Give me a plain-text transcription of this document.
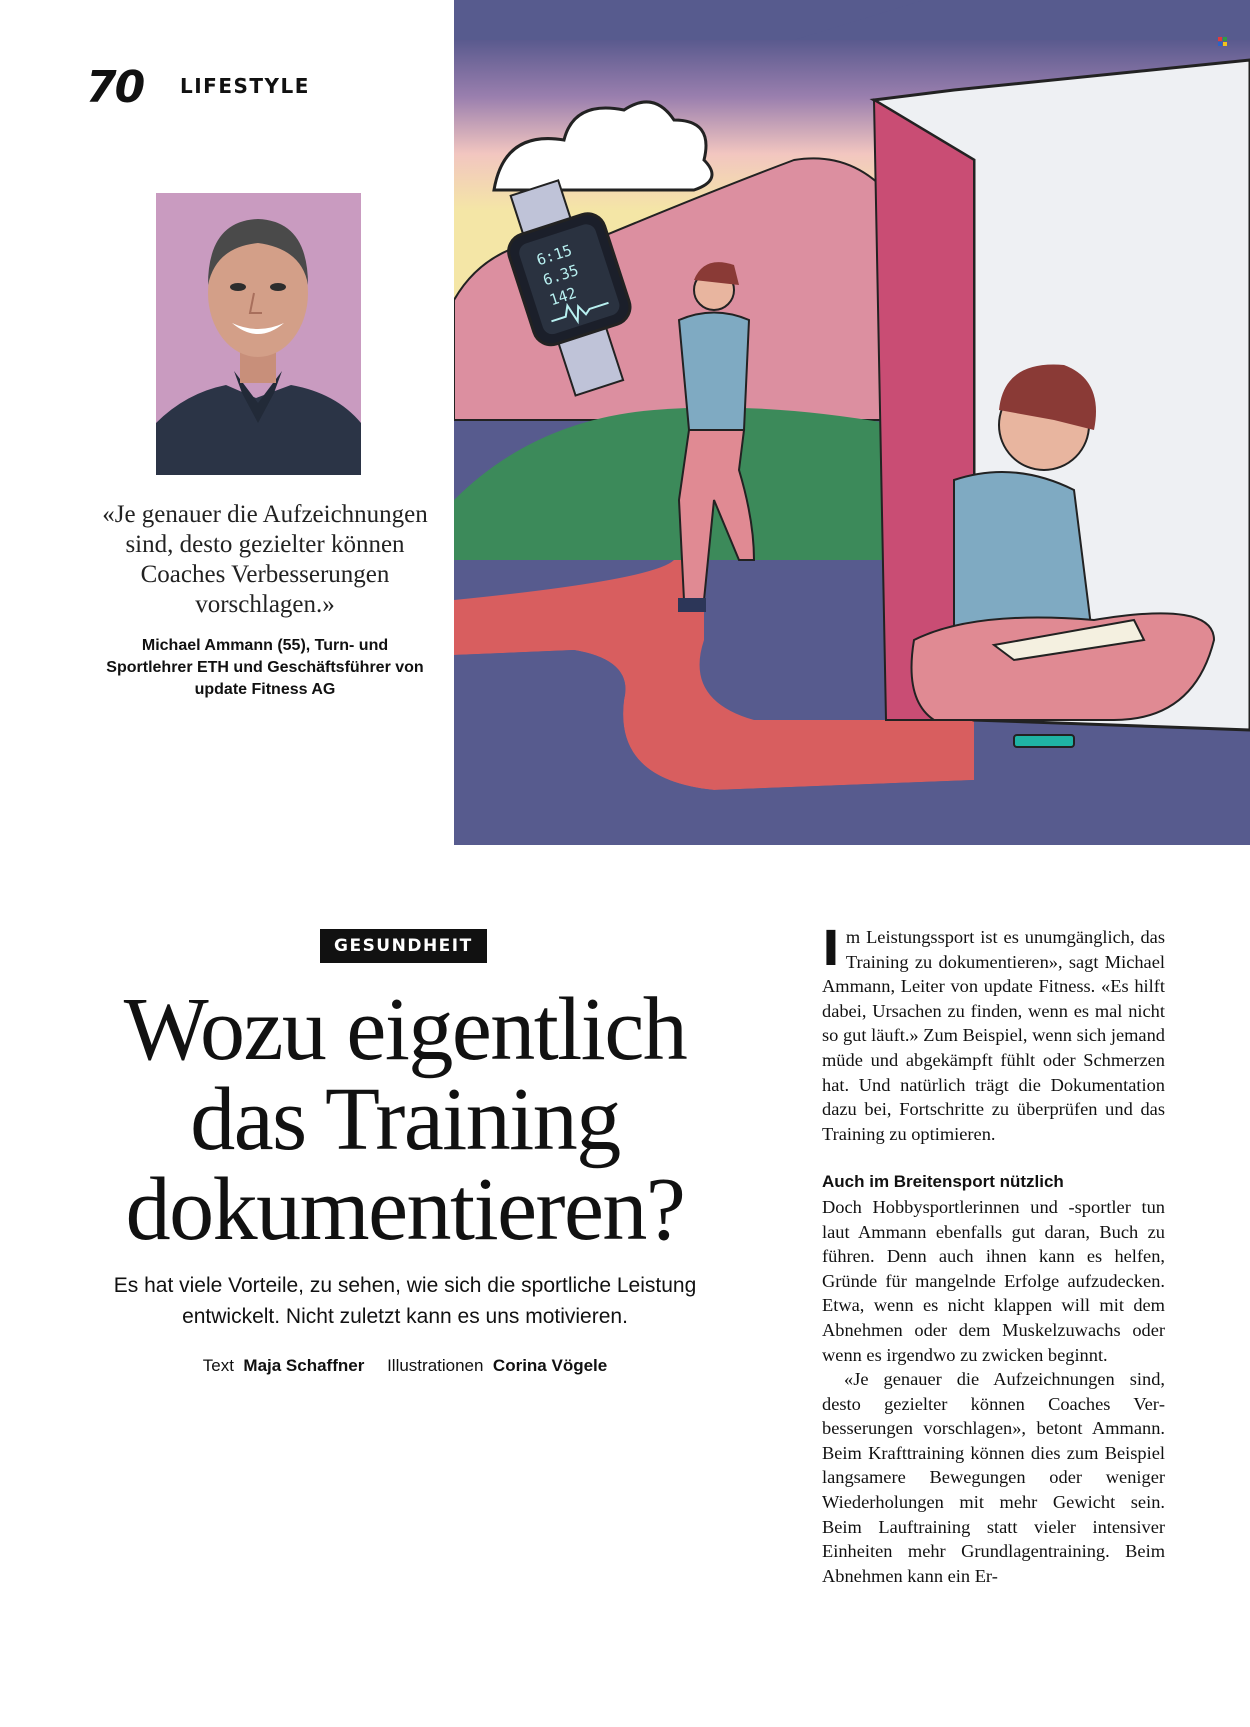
70 LIFESTYLE
«Je genauer die Aufzeichnungen sind, desto gezielter können Coaches Verbesserungen vorschlagen.»
Michael Ammann (55), Turn- und Sportlehrer ETH und Geschäftsführer von update Fitness AG
6:15
6.35
142
GESUNDHEIT
Wozu eigentlich
das Training
dokumentieren?
Es hat viele Vorteile, zu sehen, wie sich die sportliche Leistung entwickelt. Nicht zuletzt kann es uns motivieren.
Text Maja Schaffner Illustrationen Corina Vögele

Im Leistungssport ist es unumgänglich, das Training zu dokumentieren», sagt Michael Ammann, Leiter von update Fitness. «Es hilft dabei, Ursachen zu finden, wenn es mal nicht so gut läuft.» Zum Beispiel, wenn sich jemand müde und abgekämpft fühlt oder Schmerzen hat. Und natürlich trägt die Dokumentation dazu bei, Fortschritte zu überprüfen und das Training zu optimieren.

Auch im Breitensport nützlich

Doch Hobbysportlerinnen und -sportler tun laut Ammann ebenfalls gut daran, Buch zu führen. Denn auch ihnen kann es helfen, Gründe für mangelnde Erfolge aufzudecken. Etwa, wenn es nicht klappen will mit dem Abnehmen oder dem Muskelzuwachs oder wenn es irgendwo zu zwicken beginnt.

«Je genauer die Aufzeichnungen sind, desto gezielter können Coaches Verbesserungen vorschlagen», betont Ammann. Beim Krafttraining können dies zum Beispiel langsamere Bewegungen oder weniger Wiederholungen mit mehr Gewicht sein. Beim Lauftraining statt vieler intensiver Einheiten mehr Grundlagentraining. Beim Abnehmen kann ein Er-
